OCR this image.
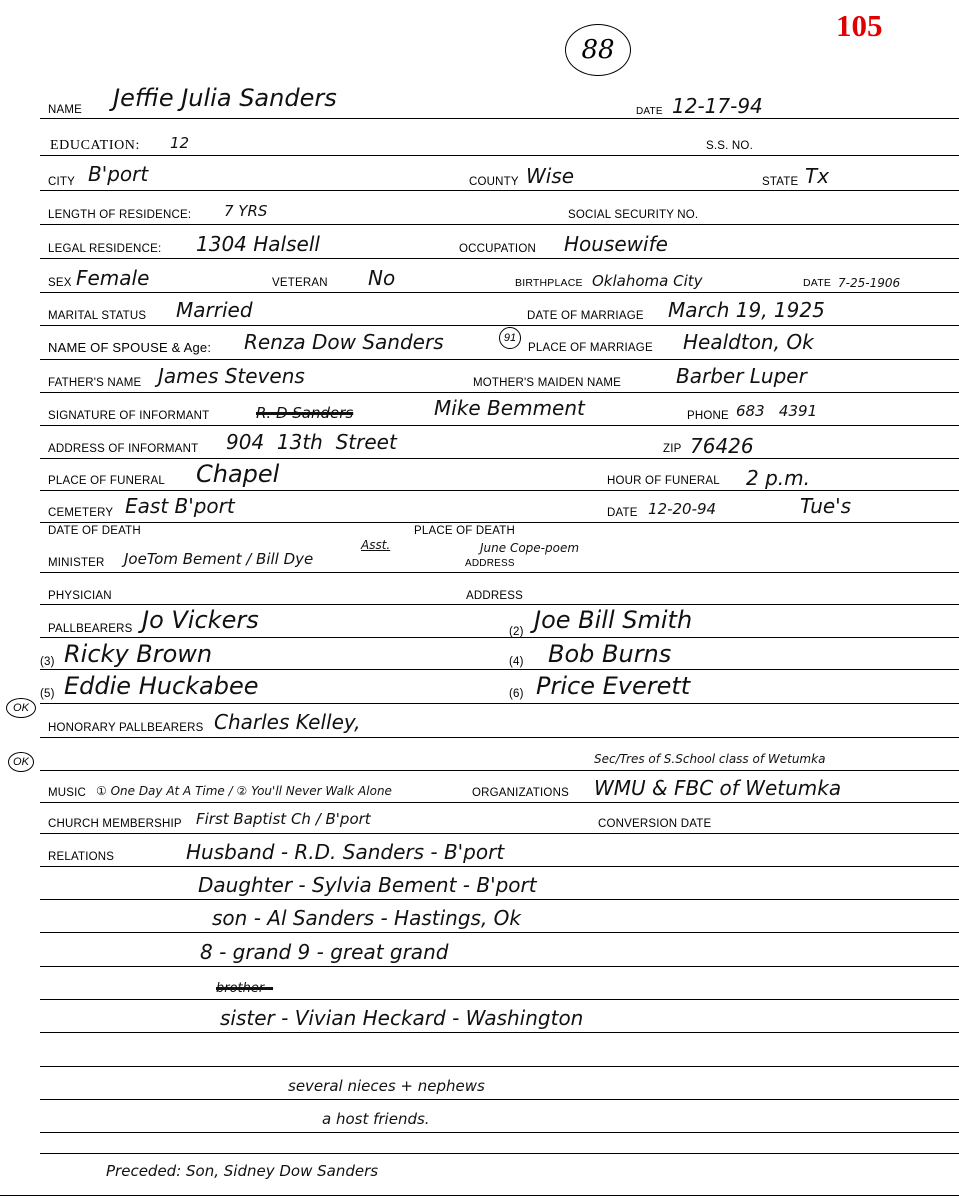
105
88
NAME Jeffie Julia Sanders	DATE 12-17-94
EDUCATION: 12	S.S. NO.
CITY B'port	COUNTY Wise	STATE Tx
LENGTH OF RESIDENCE: 7 YRS	SOCIAL SECURITY NO.
LEGAL RESIDENCE: 1304 Halsell	OCCUPATION Housewife
SEX Female	VETERAN No	BIRTHPLACE Oklahoma City	DATE 7-25-1906
MARITAL STATUS Married	DATE OF MARRIAGE March 19, 1925
NAME OF SPOUSE & Age: Renza Dow Sanders	91
PLACE OF MARRIAGE Healdton, Ok
FATHER'S NAME James Stevens	MOTHER'S MAIDEN NAME	Barber Luper
SIGNATURE OF INFORMANT	R. D Sanders	Mike Bemment	PHONE 683   4391
ADDRESS OF INFORMANT 904  13th  Street	ZIP 76426
PLACE OF FUNERAL Chapel	HOUR OF FUNERAL 2 p.m.
CEMETERY East B'port	DATE 12-20-94	Tue's
DATE OF DEATH	PLACE OF DEATH
MINISTER JoeTom Bement / Bill Dye
Asst.	June Cope-poem
ADDRESS
PHYSICIAN	ADDRESS
PALLBEARERS Jo Vickers	(2) Joe Bill Smith
(3) Ricky Brown	(4) Bob Burns
(5) Eddie Huckabee	(6) Price Everett
HONORARY PALLBEARERS Charles Kelley,
Sec/Tres of S.School class of Wetumka
MUSIC ① One Day At A Time / ② You'll Never Walk Alone	ORGANIZATIONS WMU & FBC of Wetumka
CHURCH MEMBERSHIP First Baptist Ch / B'port	CONVERSION DATE
RELATIONS	Husband - R.D. Sanders - B'port
Daughter - Sylvia Bement - B'port
son - Al Sanders - Hastings, Ok
8 - grand 9 - great grand
brother -
sister - Vivian Heckard - Washington
several nieces + nephews
a host friends.
Preceded: Son, Sidney Dow Sanders
OK
OK
